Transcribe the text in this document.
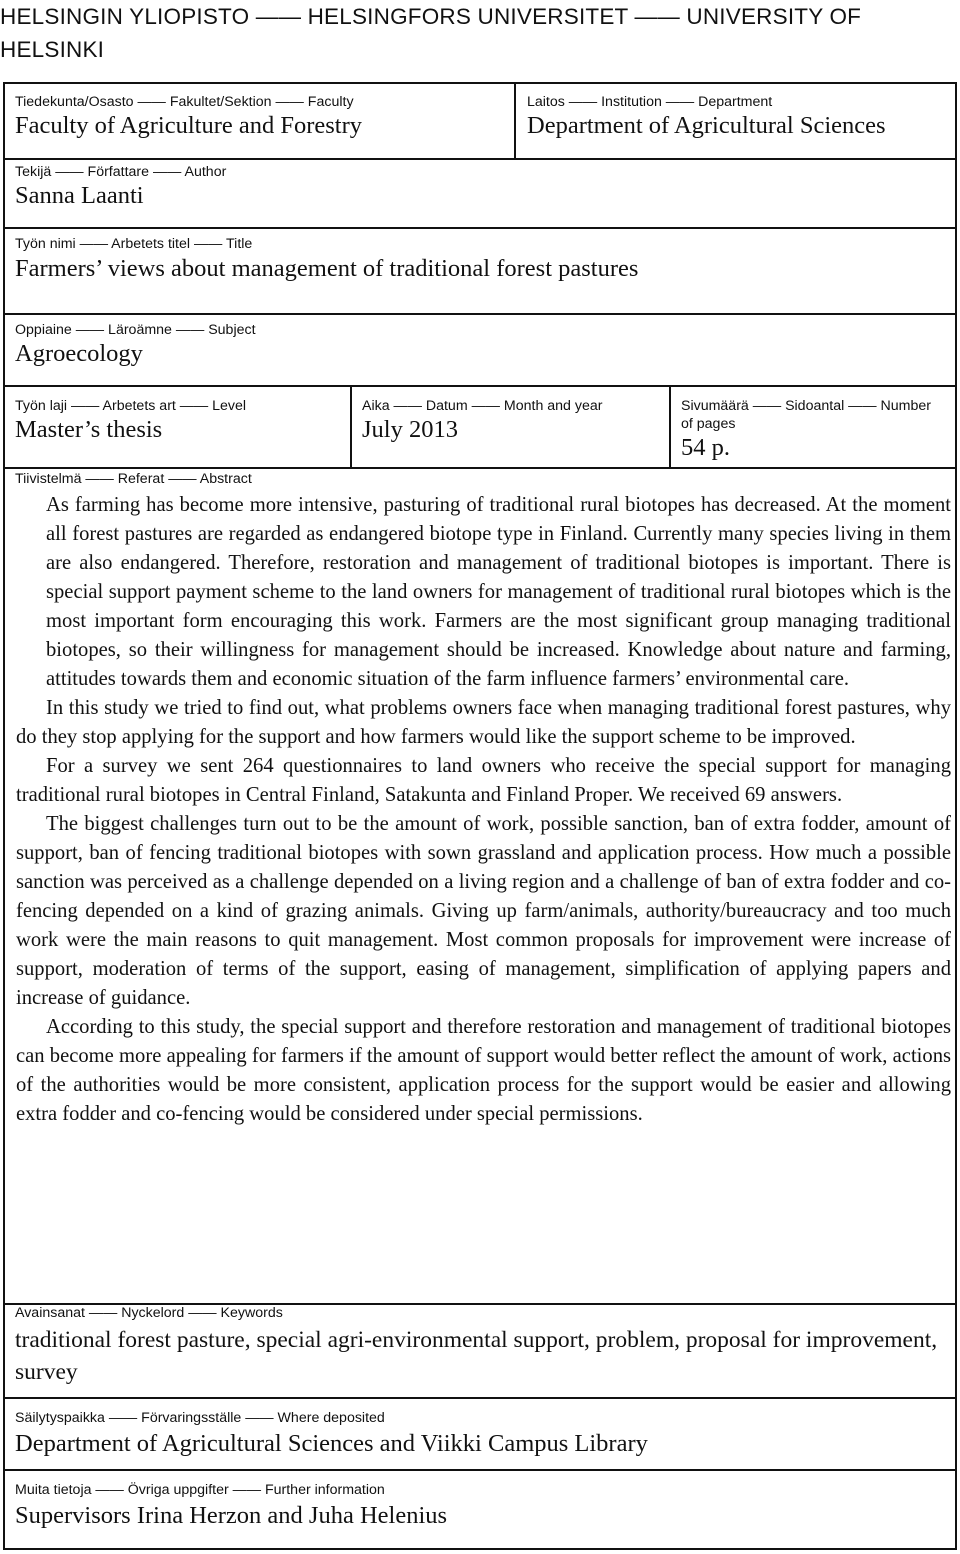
HELSINGIN YLIOPISTO —— HELSINGFORS UNIVERSITET —— UNIVERSITY OF HELSINKI
Tiedekunta/Osasto —— Fakultet/Sektion —— Faculty
Faculty of Agriculture and Forestry
Laitos —— Institution —— Department
Department of Agricultural Sciences
Tekijä —— Författare —— Author
Sanna Laanti
Työn nimi —— Arbetets titel —— Title
Farmers’ views about management of traditional forest pastures
Oppiaine —— Läroämne —— Subject
Agroecology
Työn laji —— Arbetets art —— Level
Master’s thesis
Aika —— Datum —— Month and year
July 2013
Sivumäärä —— Sidoantal —— Number
of pages
54 p.
Tiivistelmä —— Referat —— Abstract

As farming has become more intensive, pasturing of traditional rural biotopes has decreased. At the moment all forest pastures are regarded as endangered biotope type in Finland. Currently many species living in them are also endangered. Therefore, restoration and management of traditional biotopes is important. There is special support payment scheme to the land owners for management of traditional rural biotopes which is the most important form encouraging this work. Farmers are the most significant group managing traditional biotopes, so their willingness for management should be increased. Knowledge about nature and farming, attitudes towards them and economic situation of the farm influence farmers’ environmental care.

In this study we tried to find out, what problems owners face when managing traditional forest pastures, why do they stop applying for the support and how farmers would like the support scheme to be improved.

For a survey we sent 264 questionnaires to land owners who receive the special support for managing traditional rural biotopes in Central Finland, Satakunta and Finland Proper. We received 69 answers.

The biggest challenges turn out to be the amount of work, possible sanction, ban of extra fodder, amount of support, ban of fencing traditional biotopes with sown grassland and application process. How much a possible sanction was perceived as a challenge depended on a living region and a challenge of ban of extra fodder and co-fencing depended on a kind of grazing animals. Giving up farm/animals, authority/bureaucracy and too much work were the main reasons to quit management. Most common proposals for improvement were increase of support, moderation of terms of the support, easing of management, simplification of applying papers and increase of guidance.

According to this study, the special support and therefore restoration and management of traditional biotopes can become more appealing for farmers if the amount of support would better reflect the amount of work, actions of the authorities would be more consistent, application process for the support would be easier and allowing extra fodder and co-fencing would be considered under special permissions.

Avainsanat —— Nyckelord —— Keywords
traditional forest pasture, special agri-environmental support, problem, proposal for improvement, survey
Säilytyspaikka —— Förvaringsställe —— Where deposited
Department of Agricultural Sciences and Viikki Campus Library
Muita tietoja —— Övriga uppgifter —— Further information
Supervisors Irina Herzon and Juha Helenius
